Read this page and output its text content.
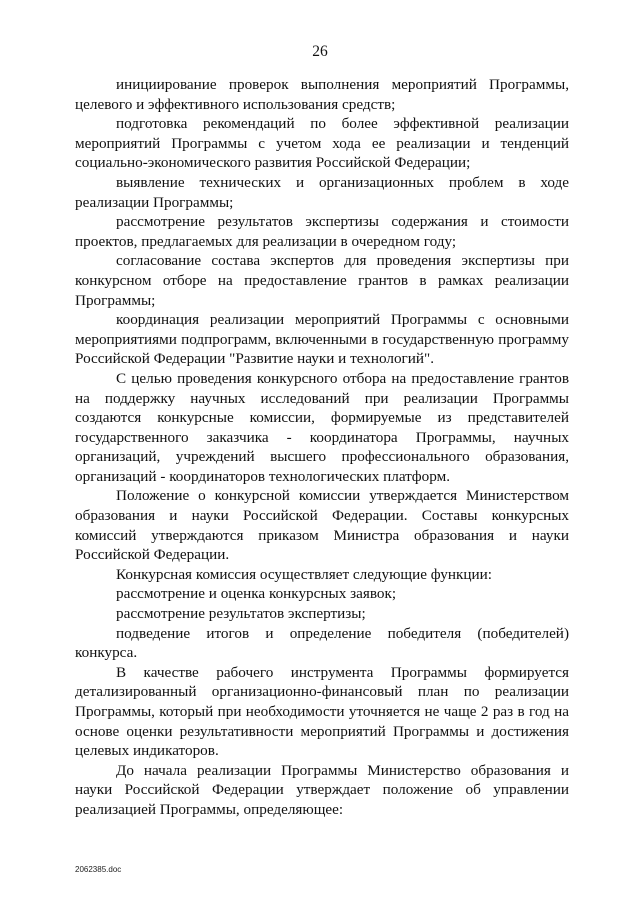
26

инициирование проверок выполнения мероприятий Программы, целевого и эффективного использования средств;

подготовка рекомендаций по более эффективной реализации мероприятий Программы с учетом хода ее реализации и тенденций социально-экономического развития Российской Федерации;

выявление технических и организационных проблем в ходе реализации Программы;

рассмотрение результатов экспертизы содержания и стоимости проектов, предлагаемых для реализации в очередном году;

согласование состава экспертов для проведения экспертизы при конкурсном отборе на предоставление грантов в рамках реализации Программы;

координация реализации мероприятий Программы с основными мероприятиями подпрограмм, включенными в государственную программу Российской Федерации "Развитие науки и технологий".

С целью проведения конкурсного отбора на предоставление грантов на поддержку научных исследований при реализации Программы создаются конкурсные комиссии, формируемые из представителей государственного заказчика - координатора Программы, научных организаций, учреждений высшего профессионального образования, организаций - координаторов технологических платформ.

Положение о конкурсной комиссии утверждается Министерством образования и науки Российской Федерации. Составы конкурсных комиссий утверждаются приказом Министра образования и науки Российской Федерации.

Конкурсная комиссия осуществляет следующие функции:

рассмотрение и оценка конкурсных заявок;

рассмотрение результатов экспертизы;

подведение итогов и определение победителя (победителей) конкурса.

В качестве рабочего инструмента Программы формируется детализированный организационно-финансовый план по реализации Программы, который при необходимости уточняется не чаще 2 раз в год на основе оценки результативности мероприятий Программы и достижения целевых индикаторов.

До начала реализации Программы Министерство образования и науки Российской Федерации утверждает положение об управлении реализацией Программы, определяющее:

2062385.doc
